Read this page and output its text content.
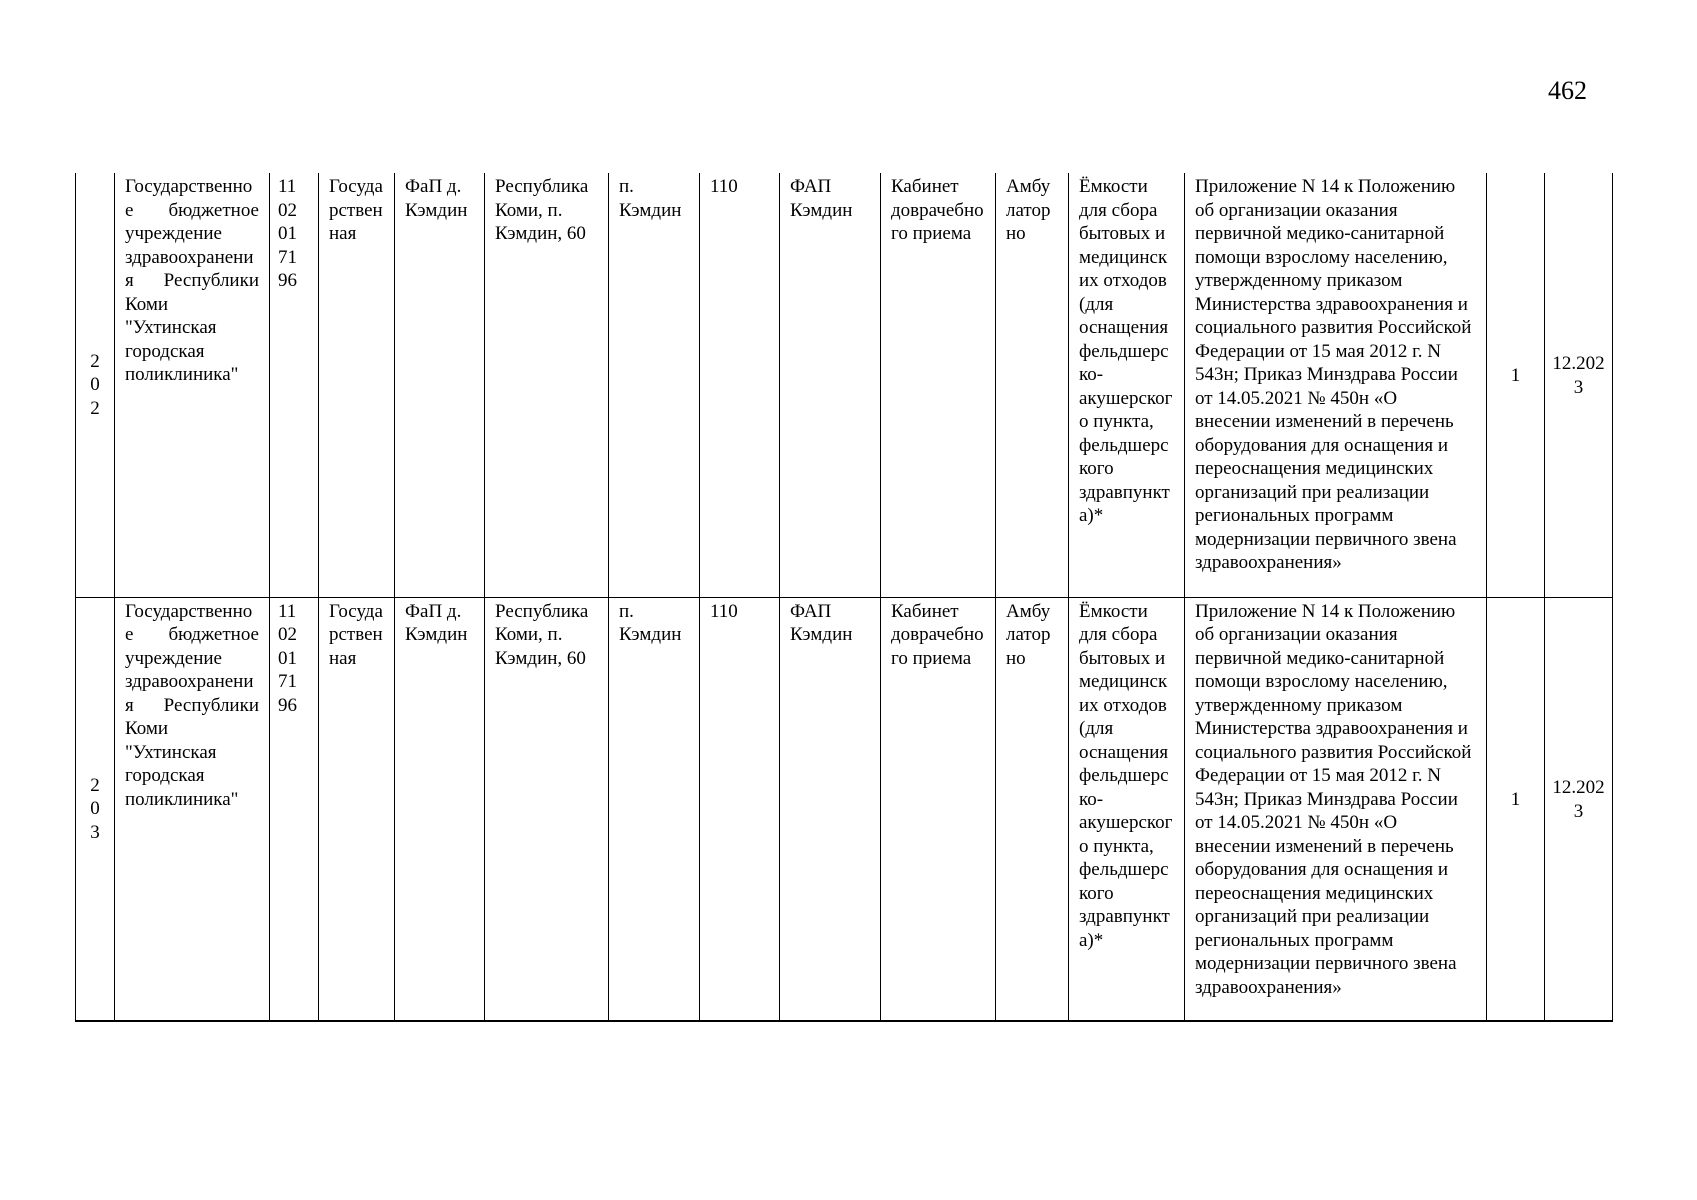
462
202	Государственное бюджетное учреждение здравоохранения Республики Коми "Ухтинская городская поликлиника"	1102017196	Государственная	ФаП д. Кэмдин	Республика Коми, п. Кэмдин, 60	п. Кэмдин	110	ФАП Кэмдин	Кабинет доврачебного приема	Амбулаторно	Ёмкости для сбора бытовых и медицинских отходов (для оснащения фельдшерско-акушерского пункта, фельдшерского здравпункта)*	Приложение N 14 к Положению об организации оказания первичной медико-санитарной помощи взрослому населению, утвержденному приказом Министерства здравоохранения и социального развития Российской Федерации от 15 мая 2012 г. N 543н; Приказ Минздрава России от 14.05.2021 № 450н «О внесении изменений в перечень оборудования для оснащения и переоснащения медицинских организаций при реализации региональных программ модернизации первичного звена здравоохранения»	1	12.2023

203	Государственное бюджетное учреждение здравоохранения Республики Коми "Ухтинская городская поликлиника"	1102017196	Государственная	ФаП д. Кэмдин	Республика Коми, п. Кэмдин, 60	п. Кэмдин	110	ФАП Кэмдин	Кабинет доврачебного приема	Амбулаторно	Ёмкости для сбора бытовых и медицинских отходов (для оснащения фельдшерско-акушерского пункта, фельдшерского здравпункта)*	Приложение N 14 к Положению об организации оказания первичной медико-санитарной помощи взрослому населению, утвержденному приказом Министерства здравоохранения и социального развития Российской Федерации от 15 мая 2012 г. N 543н; Приказ Минздрава России от 14.05.2021 № 450н «О внесении изменений в перечень оборудования для оснащения и переоснащения медицинских организаций при реализации региональных программ модернизации первичного звена здравоохранения»	1	12.2023
